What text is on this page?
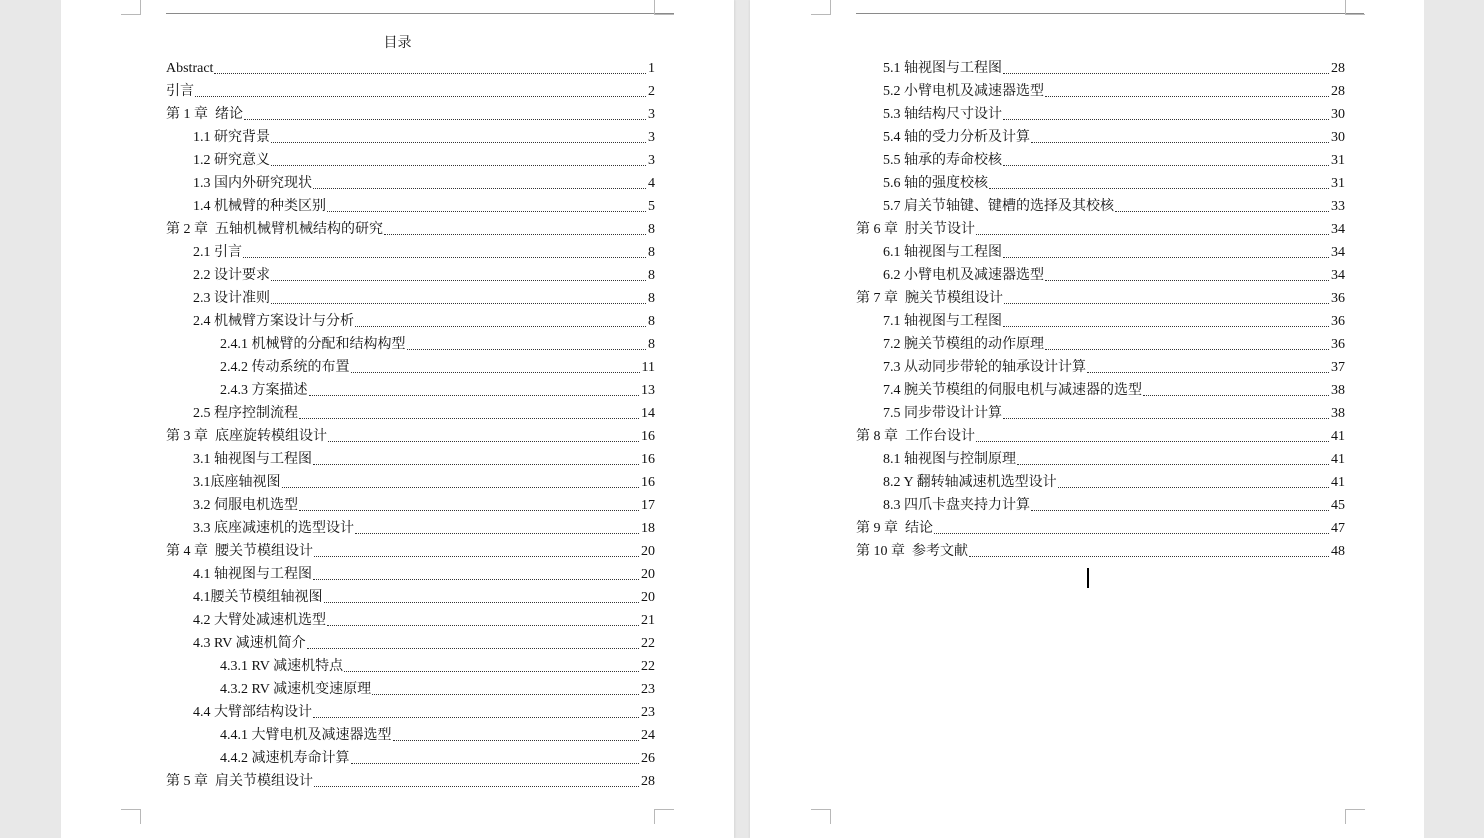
目录
Abstract	1
引言	2
第 1 章  绪论	3
1.1 研究背景	3
1.2 研究意义	3
1.3 国内外研究现状	4
1.4 机械臂的种类区别	5
第 2 章  五轴机械臂机械结构的研究	8
2.1 引言	8
2.2 设计要求	8
2.3 设计准则	8
2.4 机械臂方案设计与分析	8
2.4.1 机械臂的分配和结构构型	8
2.4.2 传动系统的布置	11
2.4.3 方案描述	13
2.5 程序控制流程	14
第 3 章  底座旋转模组设计	16
3.1 轴视图与工程图	16
3.1底座轴视图	16
3.2 伺服电机选型	17
3.3 底座减速机的选型设计	18
第 4 章  腰关节模组设计	20
4.1 轴视图与工程图	20
4.1腰关节模组轴视图	20
4.2 大臂处减速机选型	21
4.3 RV 减速机简介	22
4.3.1 RV 减速机特点	22
4.3.2 RV 减速机变速原理	23
4.4 大臂部结构设计	23
4.4.1 大臂电机及减速器选型	24
4.4.2 减速机寿命计算	26
第 5 章  肩关节模组设计	28
5.1 轴视图与工程图	28
5.2 小臂电机及减速器选型	28
5.3 轴结构尺寸设计	30
5.4 轴的受力分析及计算	30
5.5 轴承的寿命校核	31
5.6 轴的强度校核	31
5.7 肩关节轴键、键槽的选择及其校核	33
第 6 章  肘关节设计	34
6.1 轴视图与工程图	34
6.2 小臂电机及减速器选型	34
第 7 章  腕关节模组设计	36
7.1 轴视图与工程图	36
7.2 腕关节模组的动作原理	36
7.3 从动同步带轮的轴承设计计算	37
7.4 腕关节模组的伺服电机与减速器的选型	38
7.5 同步带设计计算	38
第 8 章  工作台设计	41
8.1 轴视图与控制原理	41
8.2 Y 翻转轴减速机选型设计	41
8.3 四爪卡盘夹持力计算	45
第 9 章  结论	47
第 10 章  参考文献	48
